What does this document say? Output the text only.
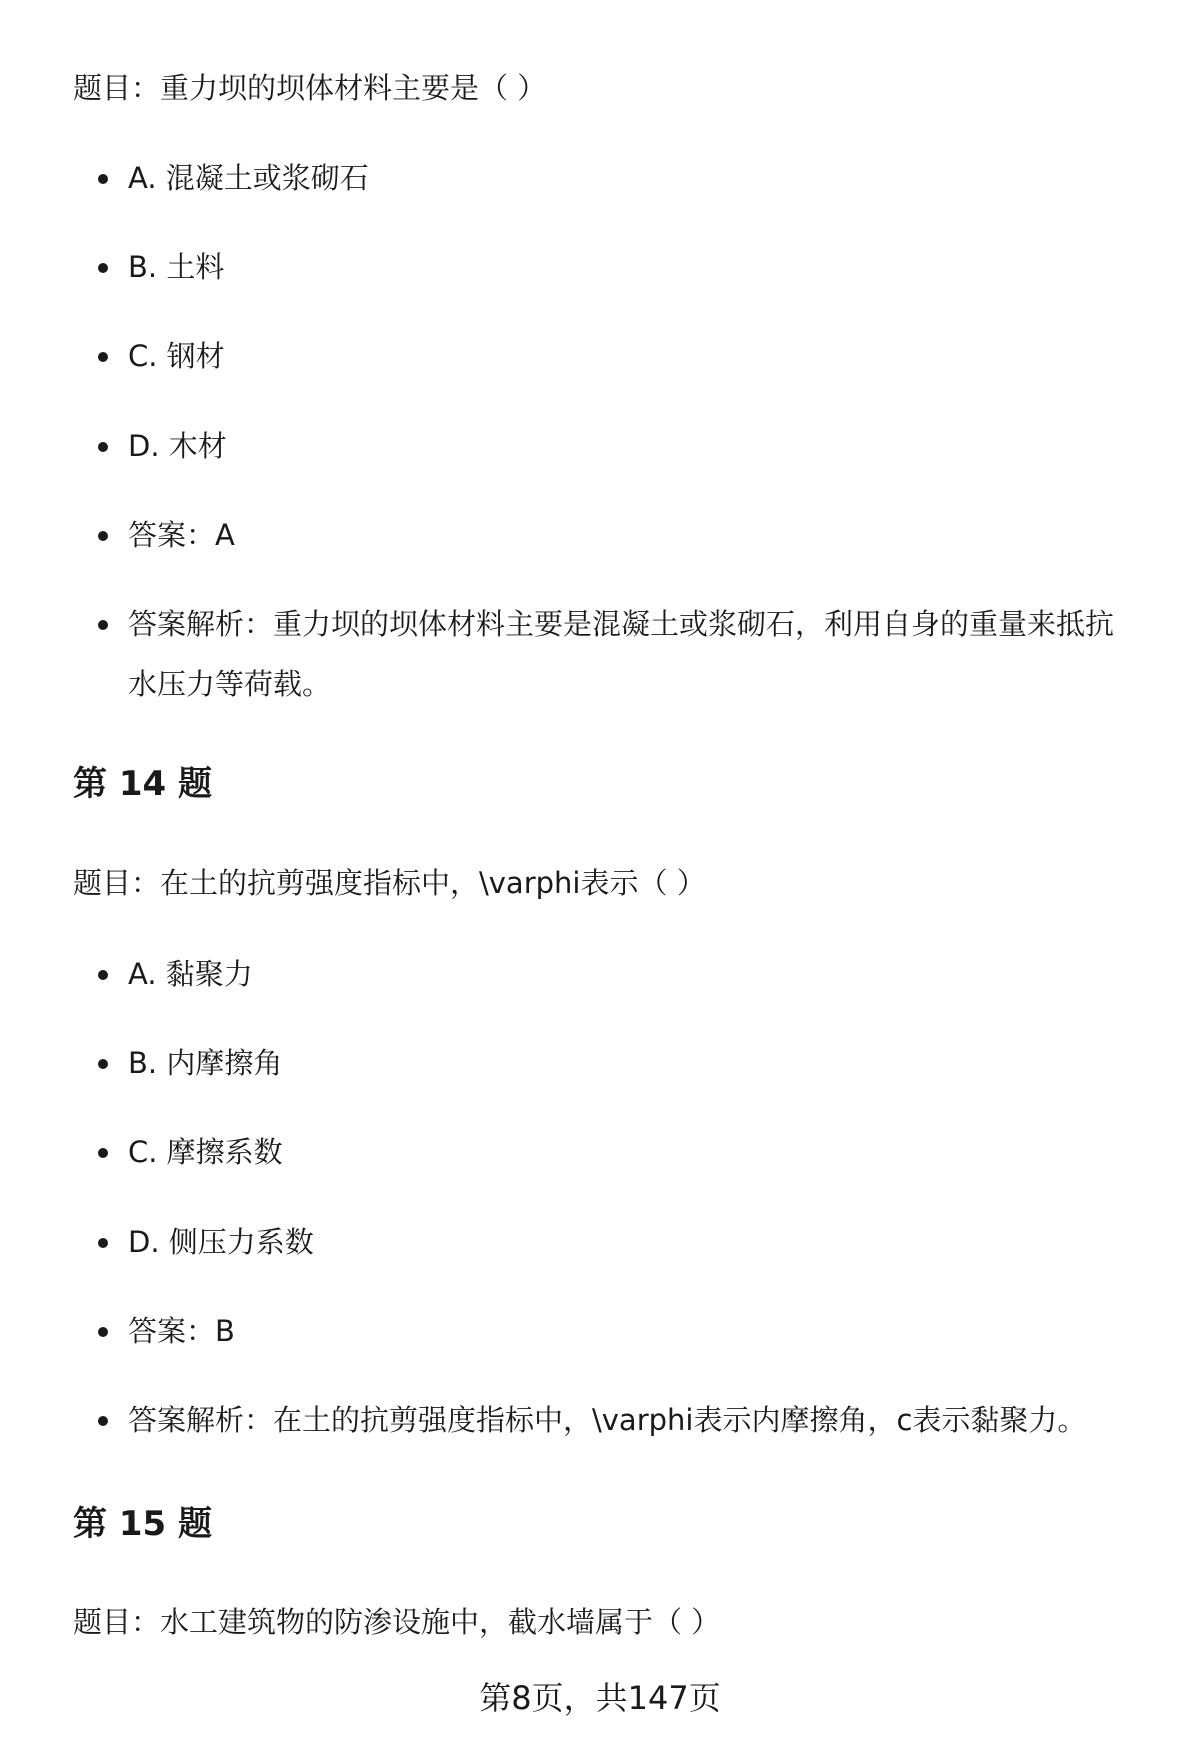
题目：重力坝的坝体材料主要是（ ）
A. 混凝土或浆砌石
B. 土料
C. 钢材
D. 木材
答案：A
答案解析：重力坝的坝体材料主要是混凝土或浆砌石，利用自身的重量来抵抗
水压力等荷载。
第 14 题
题目：在土的抗剪强度指标中，\varphi表示（ ）
A. 黏聚力
B. 内摩擦角
C. 摩擦系数
D. 侧压力系数
答案：B
答案解析：在土的抗剪强度指标中，\varphi表示内摩擦角，c表示黏聚力。
第 15 题
题目：水工建筑物的防渗设施中，截水墙属于（ ）
第8页，共147页
